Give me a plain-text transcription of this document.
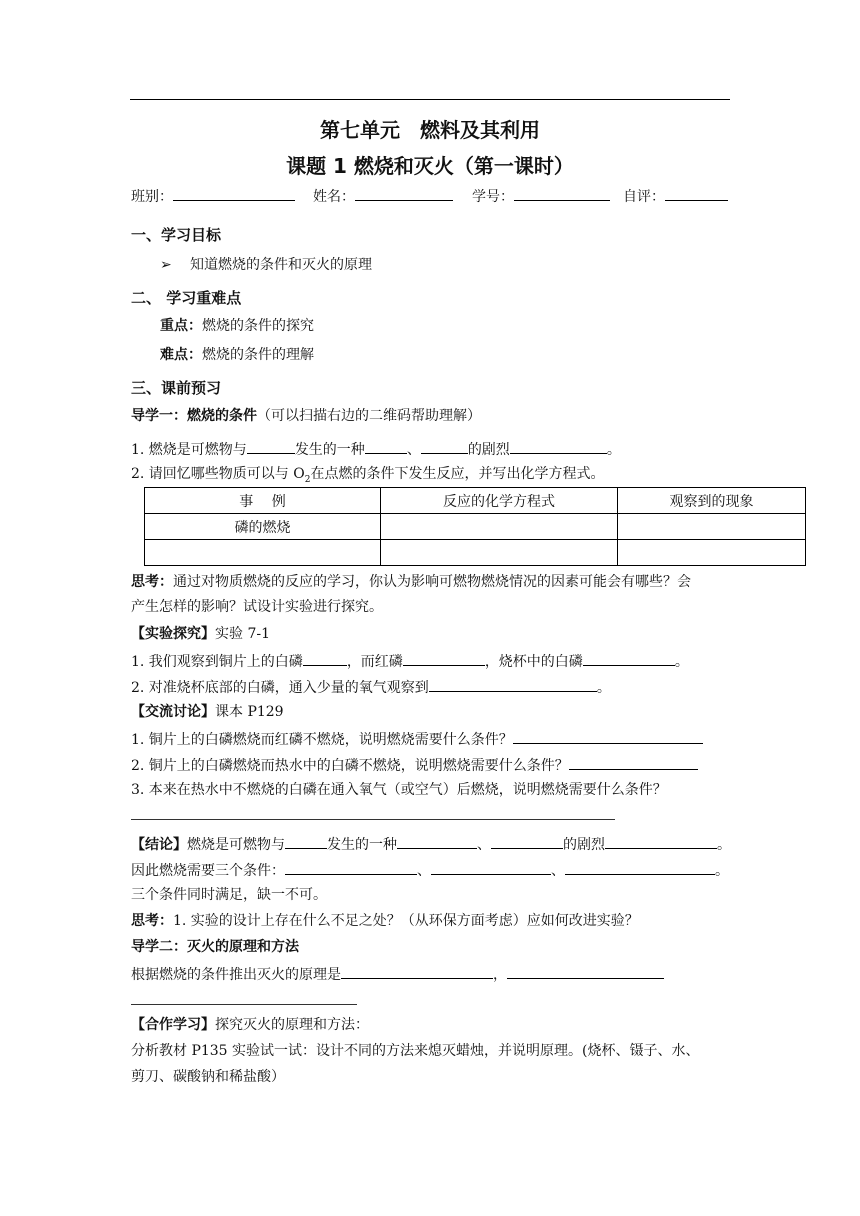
第七单元　燃料及其利用
课题 1 燃烧和灭火（第一课时）
班别：	姓名：	学号：	自评：
一、学习目标
➢ 知道燃烧的条件和灭火的原理
二、 学习重难点
重点：燃烧的条件的探究
难点：燃烧的条件的理解
三、课前预习
导学一：燃烧的条件（可以扫描右边的二维码帮助理解）
1. 燃烧是可燃物与	发生的一种	、	的剧烈	。
2. 请回忆哪些物质可以与 $O_2$在点燃的条件下发生反应，并写出化学方程式。
事　 例	反应的化学方程式	观察到的现象
磷的燃烧		

思考：通过对物质燃烧的反应的学习，你认为影响可燃物燃烧情况的因素可能会有哪些？会
产生怎样的影响？试设计实验进行探究。
【实验探究】实验 7-1
1. 我们观察到铜片上的白磷	，而红磷	，烧杯中的白磷	。
2. 对准烧杯底部的白磷，通入少量的氧气观察到	。
【交流讨论】课本 P129
1. 铜片上的白磷燃烧而红磷不燃烧，说明燃烧需要什么条件？
2. 铜片上的白磷燃烧而热水中的白磷不燃烧，说明燃烧需要什么条件？
3. 本来在热水中不燃烧的白磷在通入氧气（或空气）后燃烧，说明燃烧需要什么条件？
【结论】燃烧是可燃物与	发生的一种	、	的剧烈	。
因此燃烧需要三个条件：	、	、	。
三个条件同时满足，缺一不可。
思考：1. 实验的设计上存在什么不足之处？（从环保方面考虑）应如何改进实验？
导学二：灭火的原理和方法
根据燃烧的条件推出灭火的原理是	，
【合作学习】探究灭火的原理和方法：
分析教材 P135 实验试一试：设计不同的方法来熄灭蜡烛，并说明原理。(烧杯、镊子、水、
剪刀、碳酸钠和稀盐酸）
